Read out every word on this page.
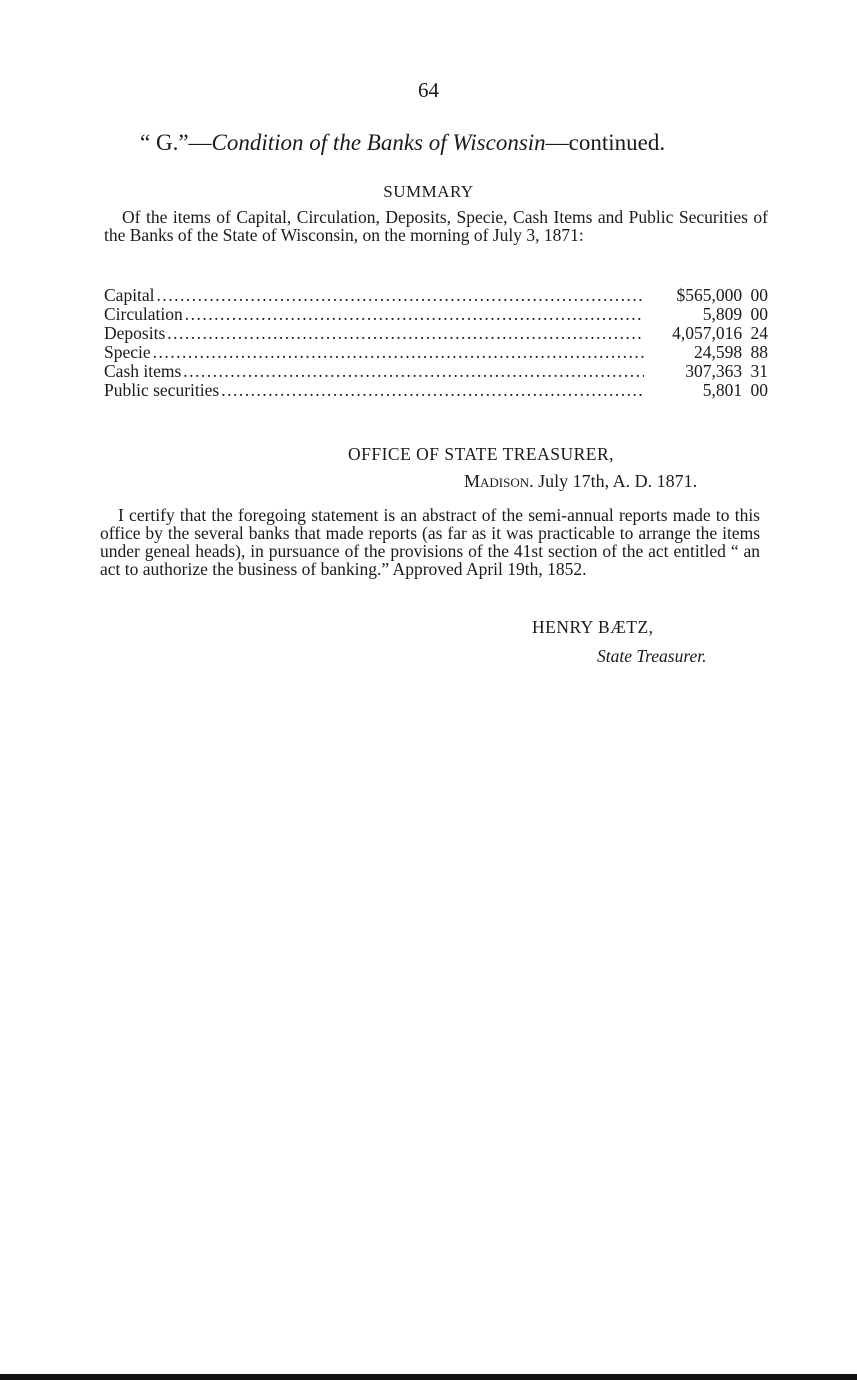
64
“ G.”—Condition of the Banks of Wisconsin—continued.
SUMMARY
Of the items of Capital, Circulation, Deposits, Specie, Cash Items and Public Securities of the Banks of the State of Wisconsin, on the morning of July 3, 1871:
Capital .....	$565,000 00
Circulation .....	5,809 00
Deposits .....	4,057,016 24
Specie .....	24,598 88
Cash items .....	307,363 31
Public securities .....	5,801 00
OFFICE OF STATE TREASURER,
Madison. July 17th, A. D. 1871.
I certify that the foregoing statement is an abstract of the semi-annual reports made to this office by the several banks that made reports (as far as it was practicable to arrange the items under geneal heads), in pursuance of the provisions of the 41st section of the act entitled “ an act to authorize the business of banking.” Approved April 19th, 1852.
HENRY BÆTZ,
State Treasurer.
